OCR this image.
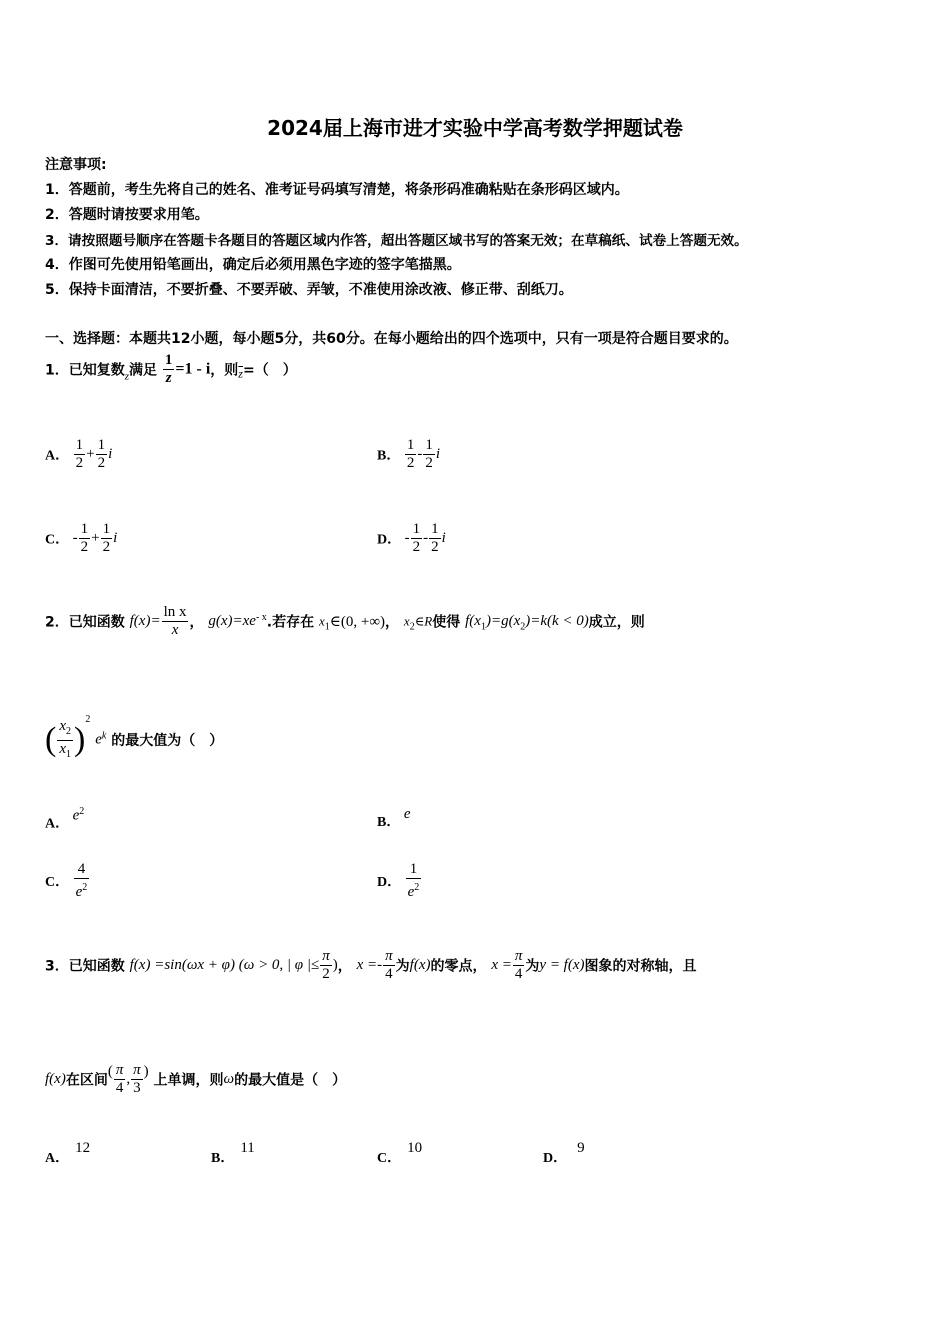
2024届上海市进才实验中学高考数学押题试卷
注意事项:
1．答题前，考生先将自己的姓名、准考证号码填写清楚，将条形码准确粘贴在条形码区域内。
2．答题时请按要求用笔。
3．请按照题号顺序在答题卡各题目的答题区域内作答，超出答题区域书写的答案无效；在草稿纸、试卷上答题无效。
4．作图可先使用铅笔画出，确定后必须用黑色字迹的签字笔描黑。
5．保持卡面清洁，不要折叠、不要弄破、弄皱，不准使用涂改液、修正带、刮纸刀。
一、选择题：本题共12小题，每小题5分，共60分。在每小题给出的四个选项中，只有一项是符合题目要求的。
1．已知复数$_z$满足 $\frac{1}{z} =1 - i$，则$\overline{z}=$（　）
A． $\frac{1}{2} + \frac{1}{2}$ i	B． $\frac{1}{2} - \frac{1}{2}$ i
C． - $\frac{1}{2} + \frac{1}{2}$ i	D． - $\frac{1}{2} - \frac{1}{2}$ i
2．已知函数 $f(x)= \frac{\text{ln x}}{x}$ ， $g(x)=xe^{- x}$.若存在 $x_1\in(0$, +∞)， $x_2\in R$使得 $f(x_1)=g(x_2)=k(k < 0)$成立，则
( $\frac{x_2}{x_1} )^2$ $e^k$ 的最大值为（　）
A． $e^2$
B． e
C． $\frac{4}{e^2}$	D． $\frac{1}{e^2}$
3．已知函数 f(x) =sin(ωx + φ) (ω > 0, | φ |≤ $\frac{\pi}{2}$ )， $x =- \frac{\pi}{4}$ 为f(x)的零点， $x = \frac{\pi}{4}$ 为y = f(x)图象的对称轴，且
f(x)在区间( $\frac{\pi}{4}$ , $\frac{\pi}{3}$ ) 上单调，则ω的最大值是（　）
A．12
B．11
C．10
D．9
